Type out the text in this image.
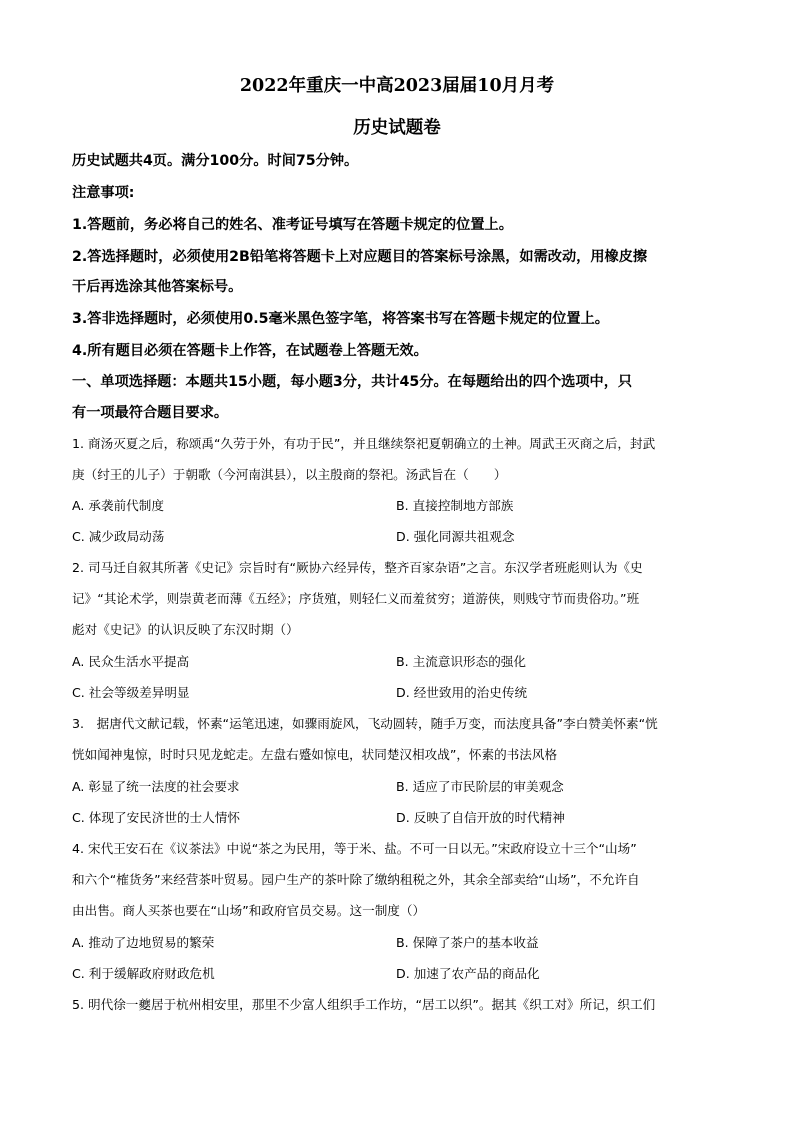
2022年重庆一中高2023届届10月月考
历史试题卷
历史试题共4页。满分100分。时间75分钟。
注意事项:
1.答题前，务必将自己的姓名、准考证号填写在答题卡规定的位置上。
2.答选择题时，必须使用2B铅笔将答题卡上对应题目的答案标号涂黑，如需改动，用橡皮擦
干后再选涂其他答案标号。
3.答非选择题时，必须使用0.5毫米黑色签字笔，将答案书写在答题卡规定的位置上。
4.所有题目必须在答题卡上作答，在试题卷上答题无效。
一、单项选择题：本题共15小题，每小题3分，共计45分。在每题给出的四个选项中，只
有一项最符合题目要求。
1. 商汤灭夏之后，称颂禹“久劳于外，有功于民”，并且继续祭祀夏朝确立的土神。周武王灭商之后，封武
庚（纣王的儿子）于朝歌（今河南淇县），以主殷商的祭祀。汤武旨在（　　）
A. 承袭前代制度	B. 直接控制地方部族
C. 减少政局动荡	D. 强化同源共祖观念
2. 司马迁自叙其所著《史记》宗旨时有“厥协六经异传，整齐百家杂语”之言。东汉学者班彪则认为《史
记》“其论术学，则崇黄老而薄《五经》；序货殖，则轻仁义而羞贫穷；道游侠，则贱守节而贵俗功。”班
彪对《史记》的认识反映了东汉时期（）
A. 民众生活水平提高	B. 主流意识形态的强化
C. 社会等级差异明显	D. 经世致用的治史传统
3.　据唐代文献记载，怀素“运笔迅速，如骤雨旋风，飞动圆转，随手万变，而法度具备”李白赞美怀素“恍
恍如闻神鬼惊，时时只见龙蛇走。左盘右蹙如惊电，状同楚汉相攻战”，怀素的书法风格
A. 彰显了统一法度的社会要求	B. 适应了市民阶层的审美观念
C. 体现了安民济世的士人情怀	D. 反映了自信开放的时代精神
4. 宋代王安石在《议茶法》中说“茶之为民用，等于米、盐。不可一日以无。”宋政府设立十三个“山场”
和六个“榷货务”来经营茶叶贸易。园户生产的茶叶除了缴纳租税之外，其余全部卖给“山场”，不允许自
由出售。商人买茶也要在“山场”和政府官员交易。这一制度（）
A. 推动了边地贸易的繁荣	B. 保障了茶户的基本收益
C. 利于缓解政府财政危机	D. 加速了农产品的商品化
5. 明代徐一夔居于杭州相安里，那里不少富人组织手工作坊，“居工以织”。据其《织工对》所记，织工们
